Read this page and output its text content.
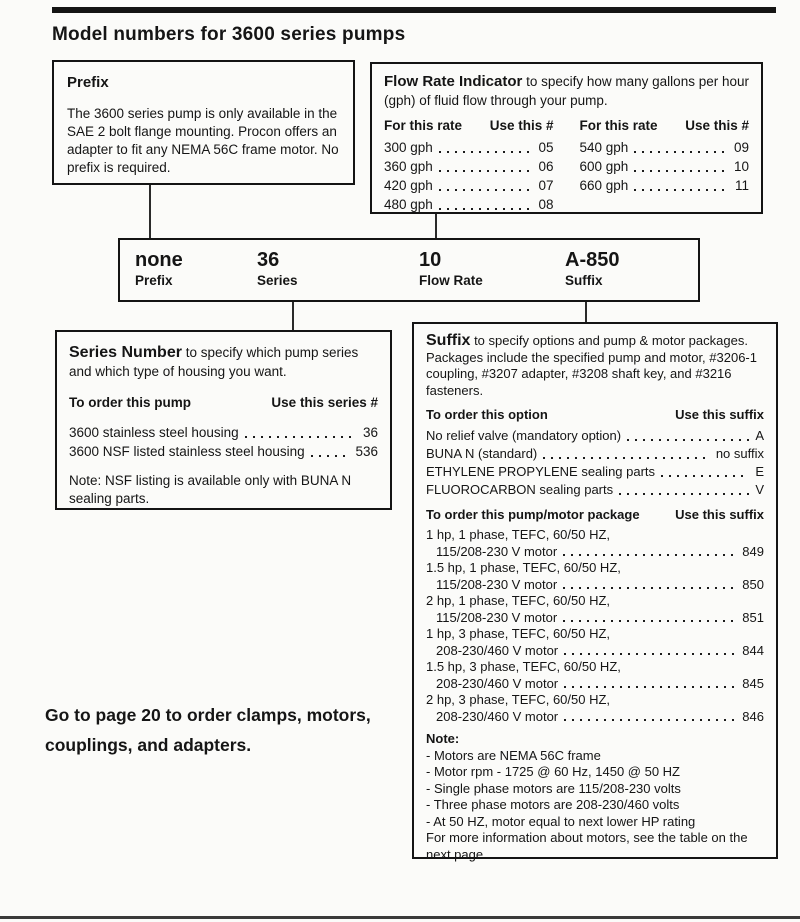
Model numbers for 3600 series pumps
Prefix

The 3600 series pump is only available in the SAE 2 bolt flange mounting. Procon offers an adapter to fit any NEMA 56C frame motor. No prefix is required.

Flow Rate Indicator to specify how many gallons per hour (gph) of fluid flow through your pump.

For this rate Use this #
300 gph	05
360 gph	06
420 gph	07
480 gph	08
For this rate Use this #
540 gph	09
600 gph	10
660 gph	11
none
Prefix
36
Series
10
Flow Rate
A-850
Suffix

Series Number to specify which pump series and which type of housing you want.

To order this pump	Use this series #
3600 stainless steel housing	36
3600 NSF listed stainless steel housing	536

Note: NSF listing is available only with BUNA N sealing parts.

Suffix to specify options and pump & motor packages. Packages include the specified pump and motor, #3206-1 coupling, #3207 adapter, #3208 shaft key, and #3216 fasteners.

To order this option	Use this suffix
No relief valve (mandatory option)	A
BUNA N (standard)	no suffix
ETHYLENE PROPYLENE sealing parts	E
FLUOROCARBON sealing parts	V
To order this pump/motor package	Use this suffix
1 hp, 1 phase, TEFC, 60/50 HZ,
115/208-230 V motor	849
1.5 hp, 1 phase, TEFC, 60/50 HZ,
115/208-230 V motor	850
2 hp, 1 phase, TEFC, 60/50 HZ,
115/208-230 V motor	851
1 hp, 3 phase, TEFC, 60/50 HZ,
208-230/460 V motor	844
1.5 hp, 3 phase, TEFC, 60/50 HZ,
208-230/460 V motor	845
2 hp, 3 phase, TEFC, 60/50 HZ,
208-230/460 V motor	846
Note:
- Motors are NEMA 56C frame
- Motor rpm - 1725 @ 60 Hz, 1450 @ 50 HZ
- Single phase motors are 115/208-230 volts
- Three phase motors are 208-230/460 volts
- At 50 HZ, motor equal to next lower HP rating
For more information about motors, see the table on the next page.
Go to page 20 to order clamps, motors,
couplings, and adapters.
